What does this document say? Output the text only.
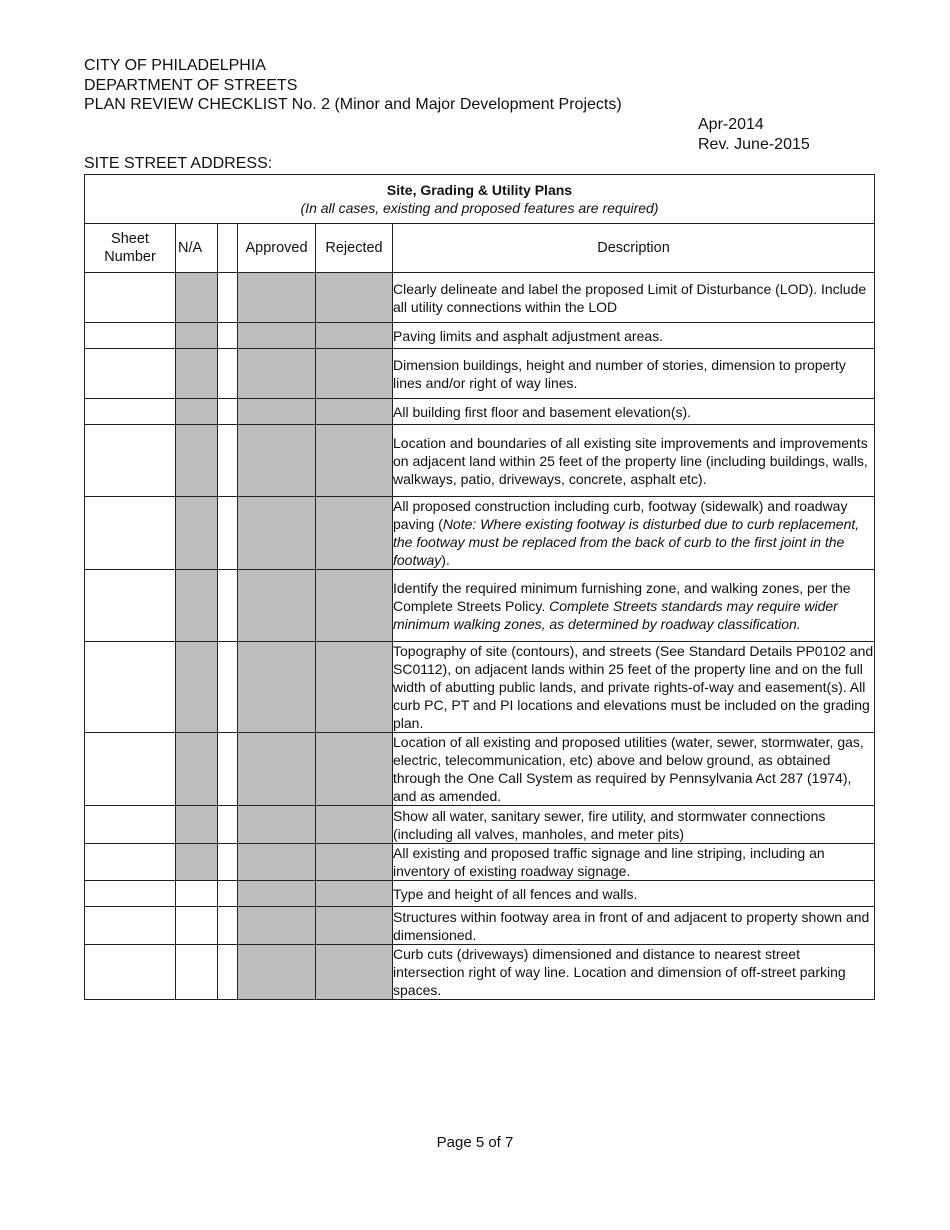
CITY OF PHILADELPHIA
DEPARTMENT OF STREETS
PLAN REVIEW CHECKLIST No. 2 (Minor and Major Development Projects)
Apr-2014
Rev. June-2015
SITE STREET ADDRESS:
Site, Grading & Utility Plans
(In all cases, existing and proposed features are required)					

Sheet Number	N/A		Approved	Rejected	Description
					Clearly delineate and label the proposed Limit of Disturbance (LOD). Include all utility connections within the LOD
					Paving limits and asphalt adjustment areas.
					Dimension buildings, height and number of stories, dimension to property lines and/or right of way lines.
					All building first floor and basement elevation(s).
					Location and boundaries of all existing site improvements and improvements on adjacent land within 25 feet of the property line (including buildings, walls, walkways, patio, driveways, concrete, asphalt etc).
					All proposed construction including curb, footway (sidewalk) and roadway paving (Note: Where existing footway is disturbed due to curb replacement, the footway must be replaced from the back of curb to the first joint in the footway).
					Identify the required minimum furnishing zone, and walking zones, per the Complete Streets Policy. Complete Streets standards may require wider minimum walking zones, as determined by roadway classification.
					Topography of site (contours), and streets (See Standard Details PP0102 and SC0112), on adjacent lands within 25 feet of the property line and on the full width of abutting public lands, and private rights-of-way and easement(s). All curb PC, PT and PI locations and elevations must be included on the grading plan.
					Location of all existing and proposed utilities (water, sewer, stormwater, gas, electric, telecommunication, etc) above and below ground, as obtained through the One Call System as required by Pennsylvania Act 287 (1974), and as amended.
					Show all water, sanitary sewer, fire utility, and stormwater connections (including all valves, manholes, and meter pits)
					All existing and proposed traffic signage and line striping, including an inventory of existing roadway signage.
					Type and height of all fences and walls.
					Structures within footway area in front of and adjacent to property shown and dimensioned.
					Curb cuts (driveways) dimensioned and distance to nearest street intersection right of way line. Location and dimension of off-street parking spaces.
Page 5 of 7
